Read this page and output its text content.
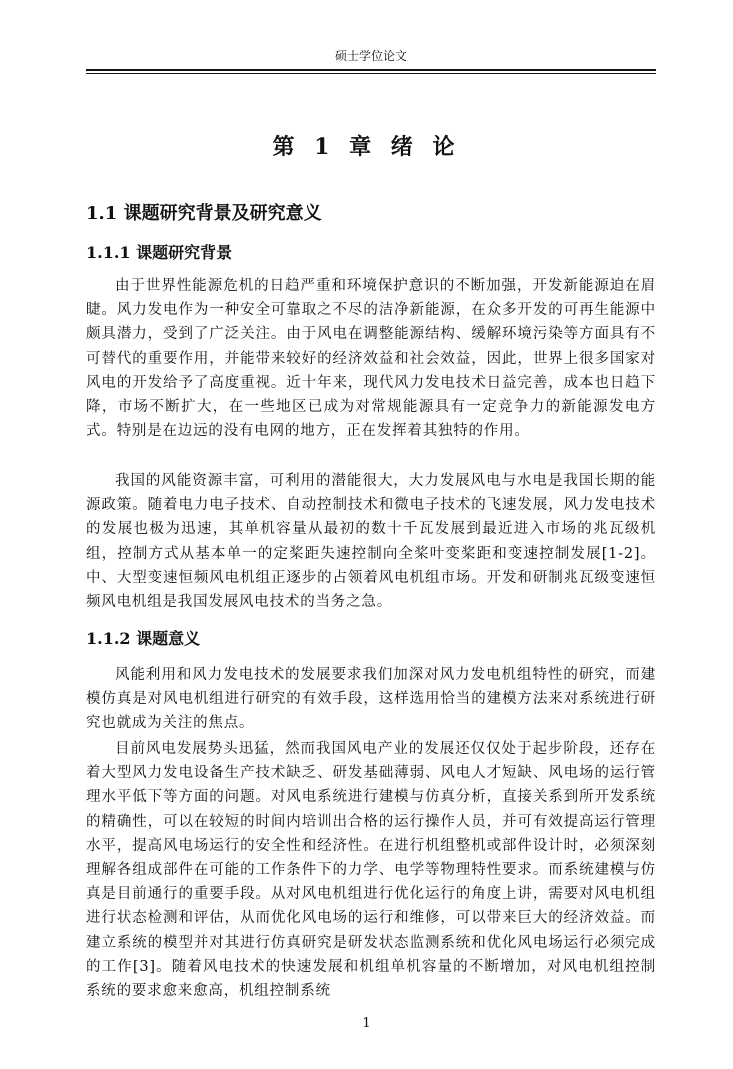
硕士学位论文
第 1 章 绪 论
1.1 课题研究背景及研究意义
1.1.1 课题研究背景

由于世界性能源危机的日趋严重和环境保护意识的不断加强，开发新能源迫在眉睫。风力发电作为一种安全可靠取之不尽的洁净新能源，在众多开发的可再生能源中颇具潜力，受到了广泛关注。由于风电在调整能源结构、缓解环境污染等方面具有不可替代的重要作用，并能带来较好的经济效益和社会效益，因此，世界上很多国家对风电的开发给予了高度重视。近十年来，现代风力发电技术日益完善，成本也日趋下降，市场不断扩大，在一些地区已成为对常规能源具有一定竞争力的新能源发电方式。特别是在边远的没有电网的地方，正在发挥着其独特的作用。

我国的风能资源丰富，可利用的潜能很大，大力发展风电与水电是我国长期的能源政策。随着电力电子技术、自动控制技术和微电子技术的飞速发展，风力发电技术的发展也极为迅速，其单机容量从最初的数十千瓦发展到最近进入市场的兆瓦级机组，控制方式从基本单一的定桨距失速控制向全桨叶变桨距和变速控制发展[1-2]。中、大型变速恒频风电机组正逐步的占领着风电机组市场。开发和研制兆瓦级变速恒频风电机组是我国发展风电技术的当务之急。

1.1.2 课题意义

风能利用和风力发电技术的发展要求我们加深对风力发电机组特性的研究，而建模仿真是对风电机组进行研究的有效手段，这样选用恰当的建模方法来对系统进行研究也就成为关注的焦点。

目前风电发展势头迅猛，然而我国风电产业的发展还仅仅处于起步阶段，还存在着大型风力发电设备生产技术缺乏、研发基础薄弱、风电人才短缺、风电场的运行管理水平低下等方面的问题。对风电系统进行建模与仿真分析，直接关系到所开发系统的精确性，可以在较短的时间内培训出合格的运行操作人员，并可有效提高运行管理水平，提高风电场运行的安全性和经济性。在进行机组整机或部件设计时，必须深刻理解各组成部件在可能的工作条件下的力学、电学等物理特性要求。而系统建模与仿真是目前通行的重要手段。从对风电机组进行优化运行的角度上讲，需要对风电机组进行状态检测和评估，从而优化风电场的运行和维修，可以带来巨大的经济效益。而建立系统的模型并对其进行仿真研究是研发状态监测系统和优化风电场运行必须完成的工作[3]。随着风电技术的快速发展和机组单机容量的不断增加，对风电机组控制系统的要求愈来愈高，机组控制系统

1
